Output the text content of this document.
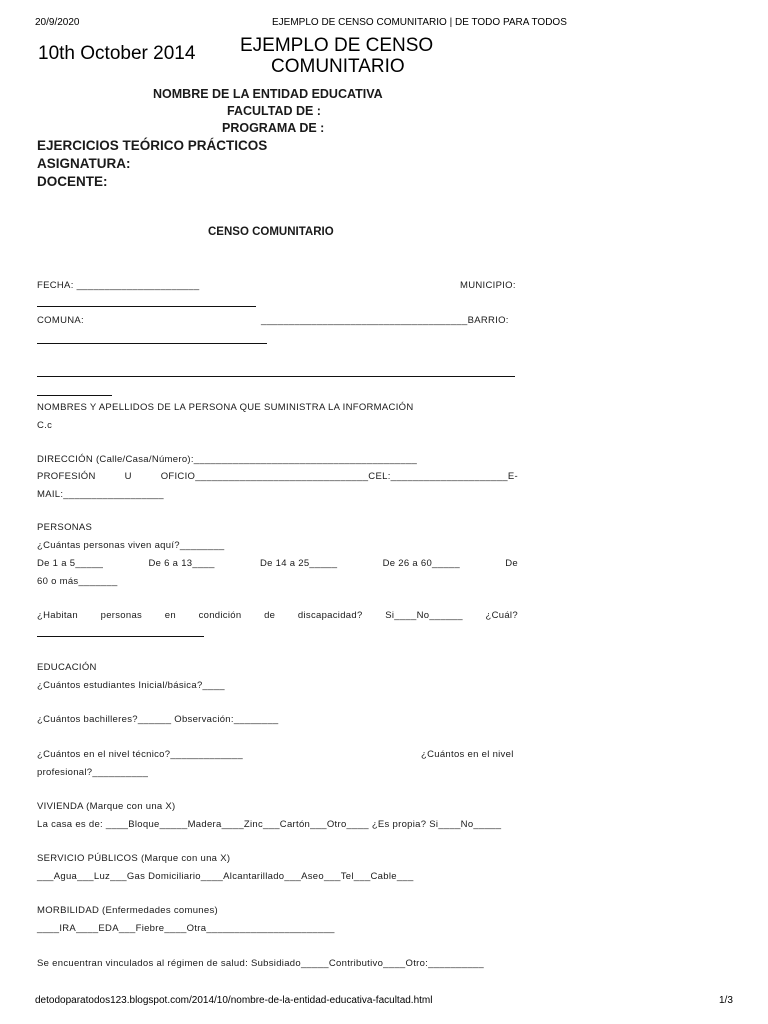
20/9/2020	EJEMPLO DE CENSO COMUNITARIO | DE TODO PARA TODOS
10th October 2014 EJEMPLO DE CENSO
COMUNITARIO
NOMBRE DE LA ENTIDAD EDUCATIVA
FACULTAD DE :
PROGRAMA DE :
EJERCICIOS TEÓRICO PRÁCTICOS
ASIGNATURA:
DOCENTE:
CENSO COMUNITARIO
FECHA: ______________________	MUNICIPIO:
COMUNA:	_____________________________________BARRIO:
NOMBRES Y APELLIDOS DE LA PERSONA QUE SUMINISTRA LA INFORMACIÓN
C.c
DIRECCIÓN (Calle/Casa/Número):________________________________________
PROFESIÓN	U	OFICIO_______________________________CEL:_____________________E-
MAIL:__________________
PERSONAS
¿Cuántas personas viven aquí?________
De 1 a 5_____	De 6 a 13____	De 14 a 25_____	De 26 a 60_____	De
60 o más_______
¿Habitan personas en condición de discapacidad? Si____No______ ¿Cuál?
EDUCACIÓN
¿Cuántos estudiantes Inicial/básica?____
¿Cuántos bachilleres?______ Observación:________
¿Cuántos en el nivel técnico?_____________	¿Cuántos en el nivel
profesional?__________
VIVIENDA (Marque con una X)
La casa es de: ____Bloque_____Madera____Zinc___Cartón___Otro____ ¿Es propia? Si____No_____
SERVICIO PÚBLICOS (Marque con una X)
___Agua___Luz___Gas Domiciliario____Alcantarillado___Aseo___Tel___Cable___
MORBILIDAD (Enfermedades comunes)
____IRA____EDA___Fiebre____Otra_______________________
Se encuentran vinculados al régimen de salud: Subsidiado_____Contributivo____Otro:__________
detodoparatodos123.blogspot.com/2014/10/nombre-de-la-entidad-educativa-facultad.html	1/3
